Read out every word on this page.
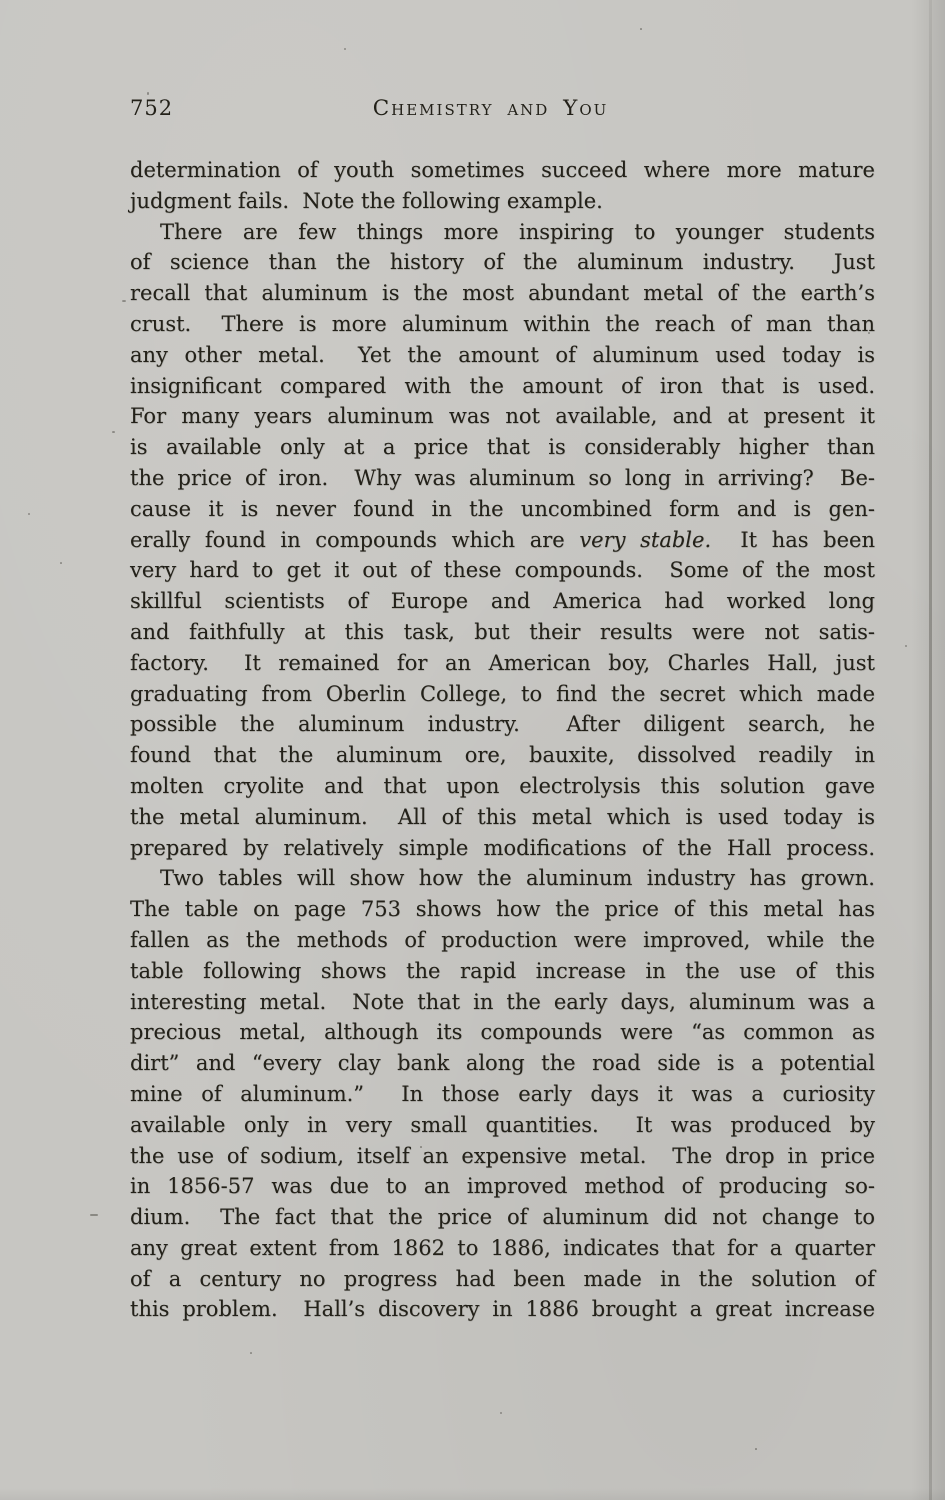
752	Chemistry and You
determination of youth sometimes succeed where more mature
judgment fails.  Note the following example.
There are few things more inspiring to younger students
of science than the history of the aluminum industry.  Just
recall that aluminum is the most abundant metal of the earth’s
crust.  There is more aluminum within the reach of man than
any other metal.  Yet the amount of aluminum used today is
insignificant compared with the amount of iron that is used.
For many years aluminum was not available, and at present it
is available only at a price that is considerably higher than
the price of iron.  Why was aluminum so long in arriving?  Be-
cause it is never found in the uncombined form and is gen-
erally found in compounds which are very stable.  It has been
very hard to get it out of these compounds.  Some of the most
skillful scientists of Europe and America had worked long
and faithfully at this task, but their results were not satis-
factory.  It remained for an American boy, Charles Hall, just
graduating from Oberlin College, to find the secret which made
possible the aluminum industry.  After diligent search, he
found that the aluminum ore, bauxite, dissolved readily in
molten cryolite and that upon electrolysis this solution gave
the metal aluminum.  All of this metal which is used today is
prepared by relatively simple modifications of the Hall process.
Two tables will show how the aluminum industry has grown.
The table on page 753 shows how the price of this metal has
fallen as the methods of production were improved, while the
table following shows the rapid increase in the use of this
interesting metal.  Note that in the early days, aluminum was a
precious metal, although its compounds were “as common as
dirt” and “every clay bank along the road side is a potential
mine of aluminum.”  In those early days it was a curiosity
available only in very small quantities.  It was produced by
the use of sodium, itself an expensive metal.  The drop in price
in 1856-57 was due to an improved method of producing so-
dium.  The fact that the price of aluminum did not change to
any great extent from 1862 to 1886, indicates that for a quarter
of a century no progress had been made in the solution of
this problem.  Hall’s discovery in 1886 brought a great increase
